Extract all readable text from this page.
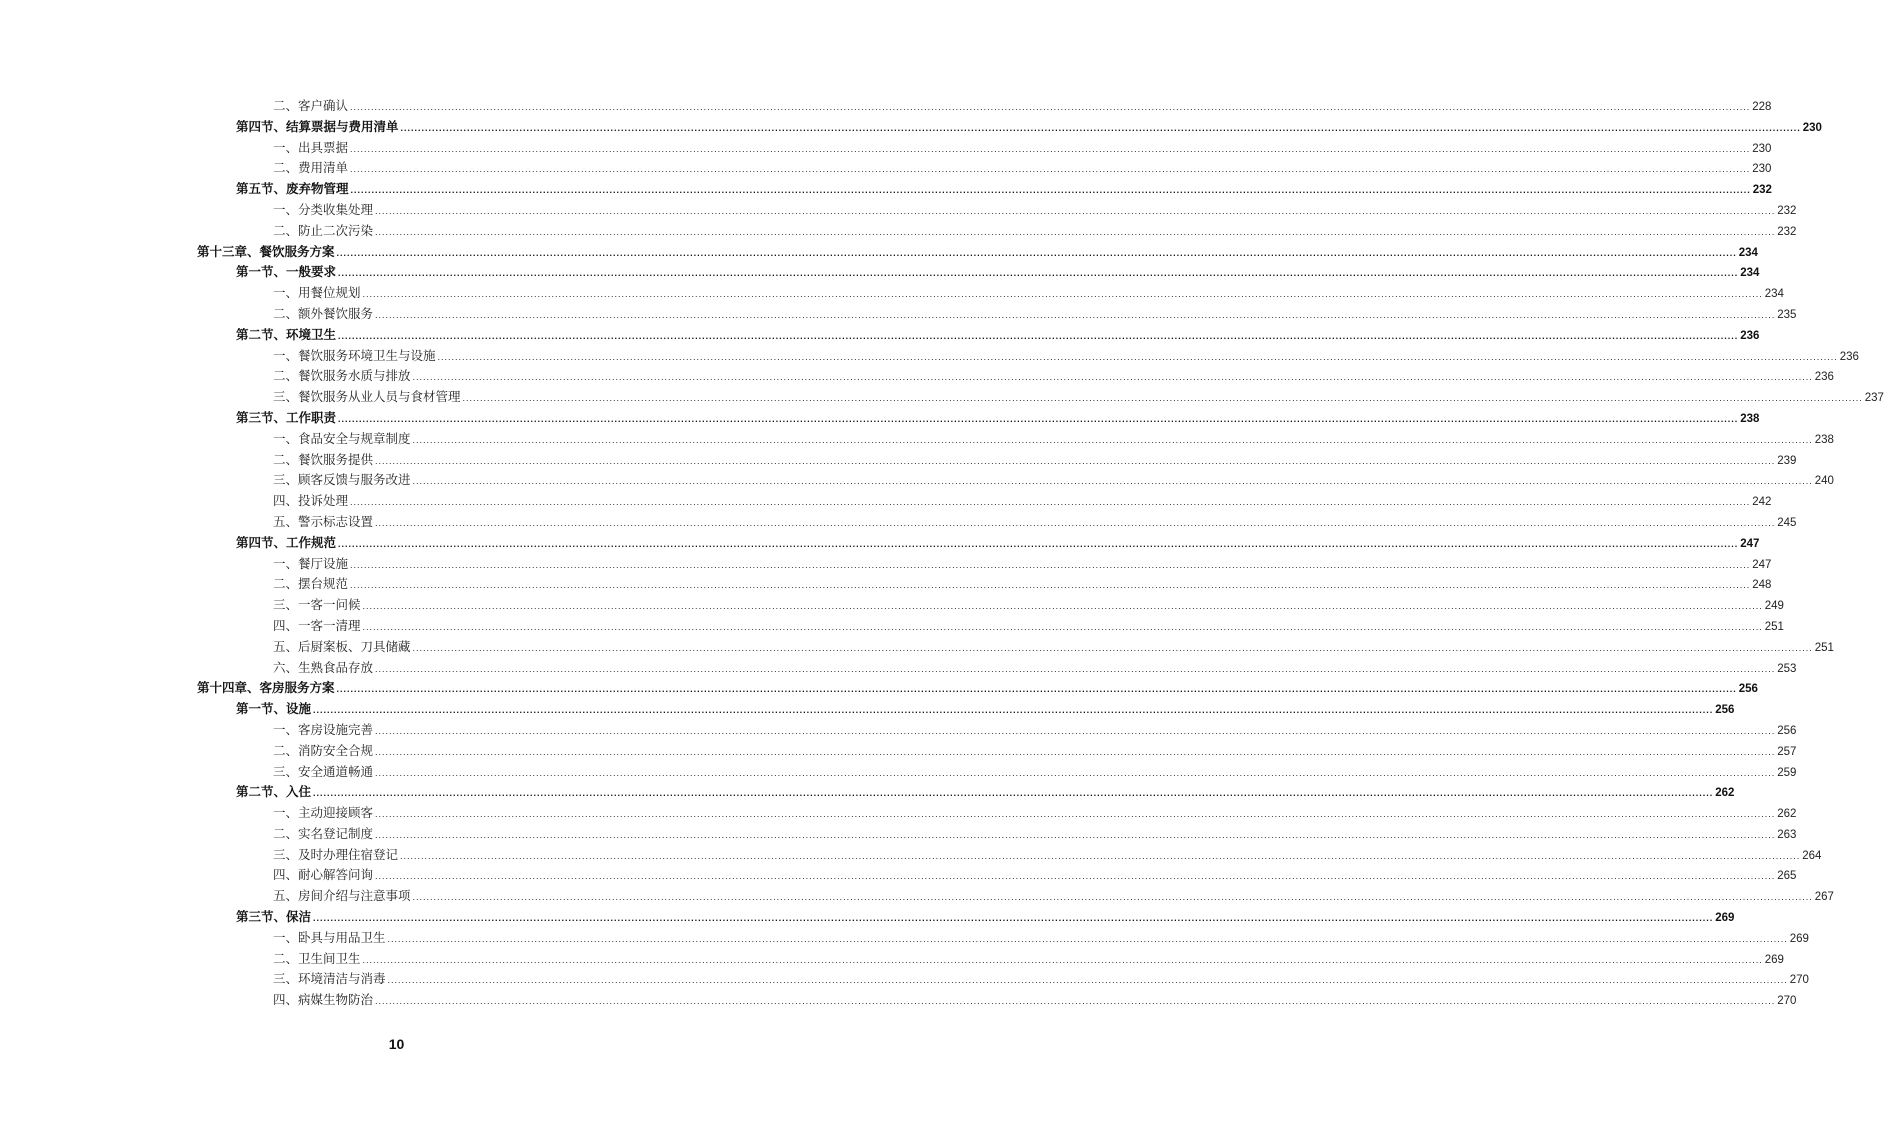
二、客户确认 ................................................................................................................................................................................................................................................................................................................................................................................................................ 228
第四节、结算票据与费用清单 ................................................................................................................................................................................................................................................................................................................................................................................................................ 230
一、出具票据 ................................................................................................................................................................................................................................................................................................................................................................................................................ 230
二、费用清单 ................................................................................................................................................................................................................................................................................................................................................................................................................ 230
第五节、废弃物管理 ................................................................................................................................................................................................................................................................................................................................................................................................................ 232
一、分类收集处理 ................................................................................................................................................................................................................................................................................................................................................................................................................ 232
二、防止二次污染 ................................................................................................................................................................................................................................................................................................................................................................................................................ 232
第十三章、餐饮服务方案 ................................................................................................................................................................................................................................................................................................................................................................................................................ 234
第一节、一般要求 ................................................................................................................................................................................................................................................................................................................................................................................................................ 234
一、用餐位规划 ................................................................................................................................................................................................................................................................................................................................................................................................................ 234
二、额外餐饮服务 ................................................................................................................................................................................................................................................................................................................................................................................................................ 235
第二节、环境卫生 ................................................................................................................................................................................................................................................................................................................................................................................................................ 236
一、餐饮服务环境卫生与设施 ................................................................................................................................................................................................................................................................................................................................................................................................................ 236
二、餐饮服务水质与排放 ................................................................................................................................................................................................................................................................................................................................................................................................................ 236
三、餐饮服务从业人员与食材管理 ................................................................................................................................................................................................................................................................................................................................................................................................................ 237
第三节、工作职责 ................................................................................................................................................................................................................................................................................................................................................................................................................ 238
一、食品安全与规章制度 ................................................................................................................................................................................................................................................................................................................................................................................................................ 238
二、餐饮服务提供 ................................................................................................................................................................................................................................................................................................................................................................................................................ 239
三、顾客反馈与服务改进 ................................................................................................................................................................................................................................................................................................................................................................................................................ 240
四、投诉处理 ................................................................................................................................................................................................................................................................................................................................................................................................................ 242
五、警示标志设置 ................................................................................................................................................................................................................................................................................................................................................................................................................ 245
第四节、工作规范 ................................................................................................................................................................................................................................................................................................................................................................................................................ 247
一、餐厅设施 ................................................................................................................................................................................................................................................................................................................................................................................................................ 247
二、摆台规范 ................................................................................................................................................................................................................................................................................................................................................................................................................ 248
三、一客一问候 ................................................................................................................................................................................................................................................................................................................................................................................................................ 249
四、一客一清理 ................................................................................................................................................................................................................................................................................................................................................................................................................ 251
五、后厨案板、刀具储藏 ................................................................................................................................................................................................................................................................................................................................................................................................................ 251
六、生熟食品存放 ................................................................................................................................................................................................................................................................................................................................................................................................................ 253
第十四章、客房服务方案 ................................................................................................................................................................................................................................................................................................................................................................................................................ 256
第一节、设施 ................................................................................................................................................................................................................................................................................................................................................................................................................ 256
一、客房设施完善 ................................................................................................................................................................................................................................................................................................................................................................................................................ 256
二、消防安全合规 ................................................................................................................................................................................................................................................................................................................................................................................................................ 257
三、安全通道畅通 ................................................................................................................................................................................................................................................................................................................................................................................................................ 259
第二节、入住 ................................................................................................................................................................................................................................................................................................................................................................................................................ 262
一、主动迎接顾客 ................................................................................................................................................................................................................................................................................................................................................................................................................ 262
二、实名登记制度 ................................................................................................................................................................................................................................................................................................................................................................................................................ 263
三、及时办理住宿登记 ................................................................................................................................................................................................................................................................................................................................................................................................................ 264
四、耐心解答问询 ................................................................................................................................................................................................................................................................................................................................................................................................................ 265
五、房间介绍与注意事项 ................................................................................................................................................................................................................................................................................................................................................................................................................ 267
第三节、保洁 ................................................................................................................................................................................................................................................................................................................................................................................................................ 269
一、卧具与用品卫生 ................................................................................................................................................................................................................................................................................................................................................................................................................ 269
二、卫生间卫生 ................................................................................................................................................................................................................................................................................................................................................................................................................ 269
三、环境清洁与消毒 ................................................................................................................................................................................................................................................................................................................................................................................................................ 270
四、病媒生物防治 ................................................................................................................................................................................................................................................................................................................................................................................................................ 270
10
